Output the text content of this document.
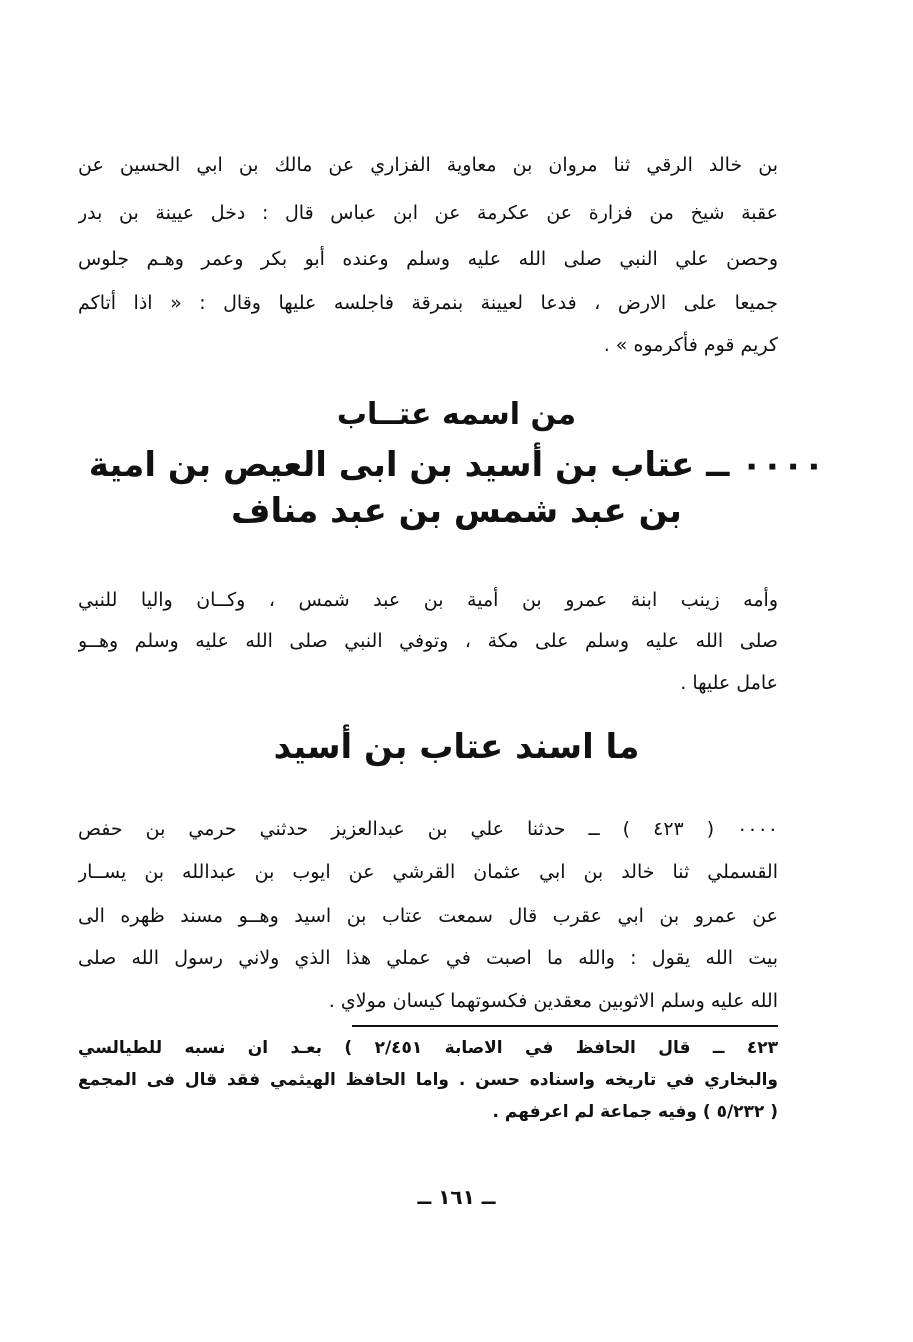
بن خالد الرقي ثنا مروان بن معاوية الفزاري عن مالك بن ابي الحسين عن
عقبة شيخ من فزارة عن عكرمة عن ابن عباس قال : دخل عيينة بن بدر
وحصن علي النبي صلى الله عليه وسلم وعنده أبو بكر وعمر وهـم جلوس
جميعا على الارض ، فدعا لعيينة بنمرقة فاجلسه عليها وقال : « اذا أتاكم
كريم قوم فأكرموه » .
من اسمه عتــاب
٠٠٠٠ ــ عتاب بن أسيد بن ابى العيص بن امية
بن عبد شمس بن عبد مناف
وأمه زينب ابنة عمرو بن أمية بن عبد شمس ، وكــان واليا للنبي
صلى الله عليه وسلم على مكة ، وتوفي النبي صلى الله عليه وسلم وهــو
عامل عليها .
ما اسند عتاب بن أسيد
٠٠٠٠ ( ٤٢٣ ) ــ حدثنا علي بن عبدالعزيز حدثني حرمي بن حفص
القسملي ثنا خالد بن ابي عثمان القرشي عن ايوب بن عبدالله بن يســار
عن عمرو بن ابي عقرب قال سمعت عتاب بن اسيد وهــو مسند ظهره الى
بيت الله يقول : والله ما اصبت في عملي هذا الذي ولاني رسول الله صلى
الله عليه وسلم الاثوبين معقدين فكسوتهما كيسان مولاي .
٤٢٣ ــ قال الحافظ في الاصابة ٢/٤٥١ ) بعـد ان نسبه للطيالسي
والبخاري في تاريخه واسناده حسن . واما الحافظ الهيثمي فقد قال فى المجمع
( ٥/٢٣٢ ) وفيه جماعة لم اعرفهم .
ــ ١٦١ ــ
